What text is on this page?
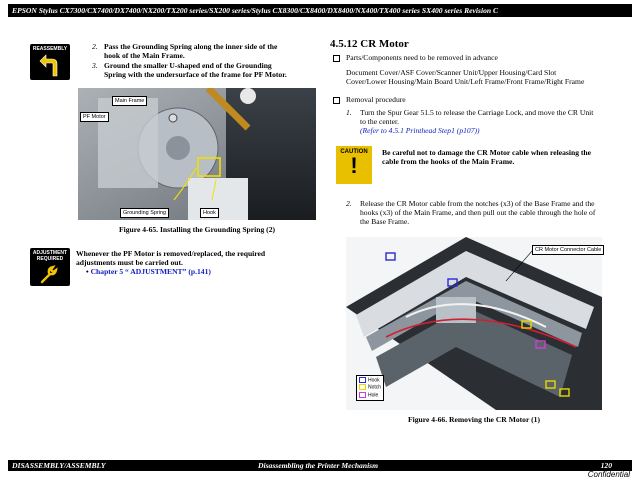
EPSON Stylus CX7300/CX7400/DX7400/NX200/TX200 series/SX200 series/Stylus CX8300/CX8400/DX8400/NX400/TX400 series SX400 series Revision C
REASSEMBLY	2. Pass the Grounding Spring along the inner side of the
hook of the Main Frame.
3. Ground the smaller U-shaped end of the Grounding
Spring with the undersurface of the frame for PF Motor.
Main Frame
PF Motor
Grounding Spring	Hook
Figure 4-65. Installing the Grounding Spring (2)
ADJUSTMENT
REQUIRED
Whenever the PF Motor is removed/replaced, the required
adjustments must be carried out.
• Chapter 5 “ ADJUSTMENT” (p.141)
4.5.12 CR Motor
Parts/Components need to be removed in advance
Document Cover/ASF Cover/Scanner Unit/Upper Housing/Card Slot
Cover/Lower Housing/Main Board Unit/Left Frame/Front Frame/Right Frame
Removal procedure
1. Turn the Spur Gear 51.5 to release the Carriage Lock, and move the CR Unit
to the center.
(Refer to 4.5.1 Printhead Step1 (p107))
CAUTION
!
Be careful not to damage the CR Motor cable when releasing the
cable from the hooks of the Main Frame.
2. Release the CR Motor cable from the notches (x3) of the Base Frame and the
hooks (x3) of the Main Frame, and then pull out the cable through the hole of
the Base Frame.
CR Motor Connector Cable
Hook
Notch
Hole
Figure 4-66. Removing the CR Motor (1)
DISASSEMBLY/ASSEMBLY	Disassembling the Printer Mechanism	120
Confidential
